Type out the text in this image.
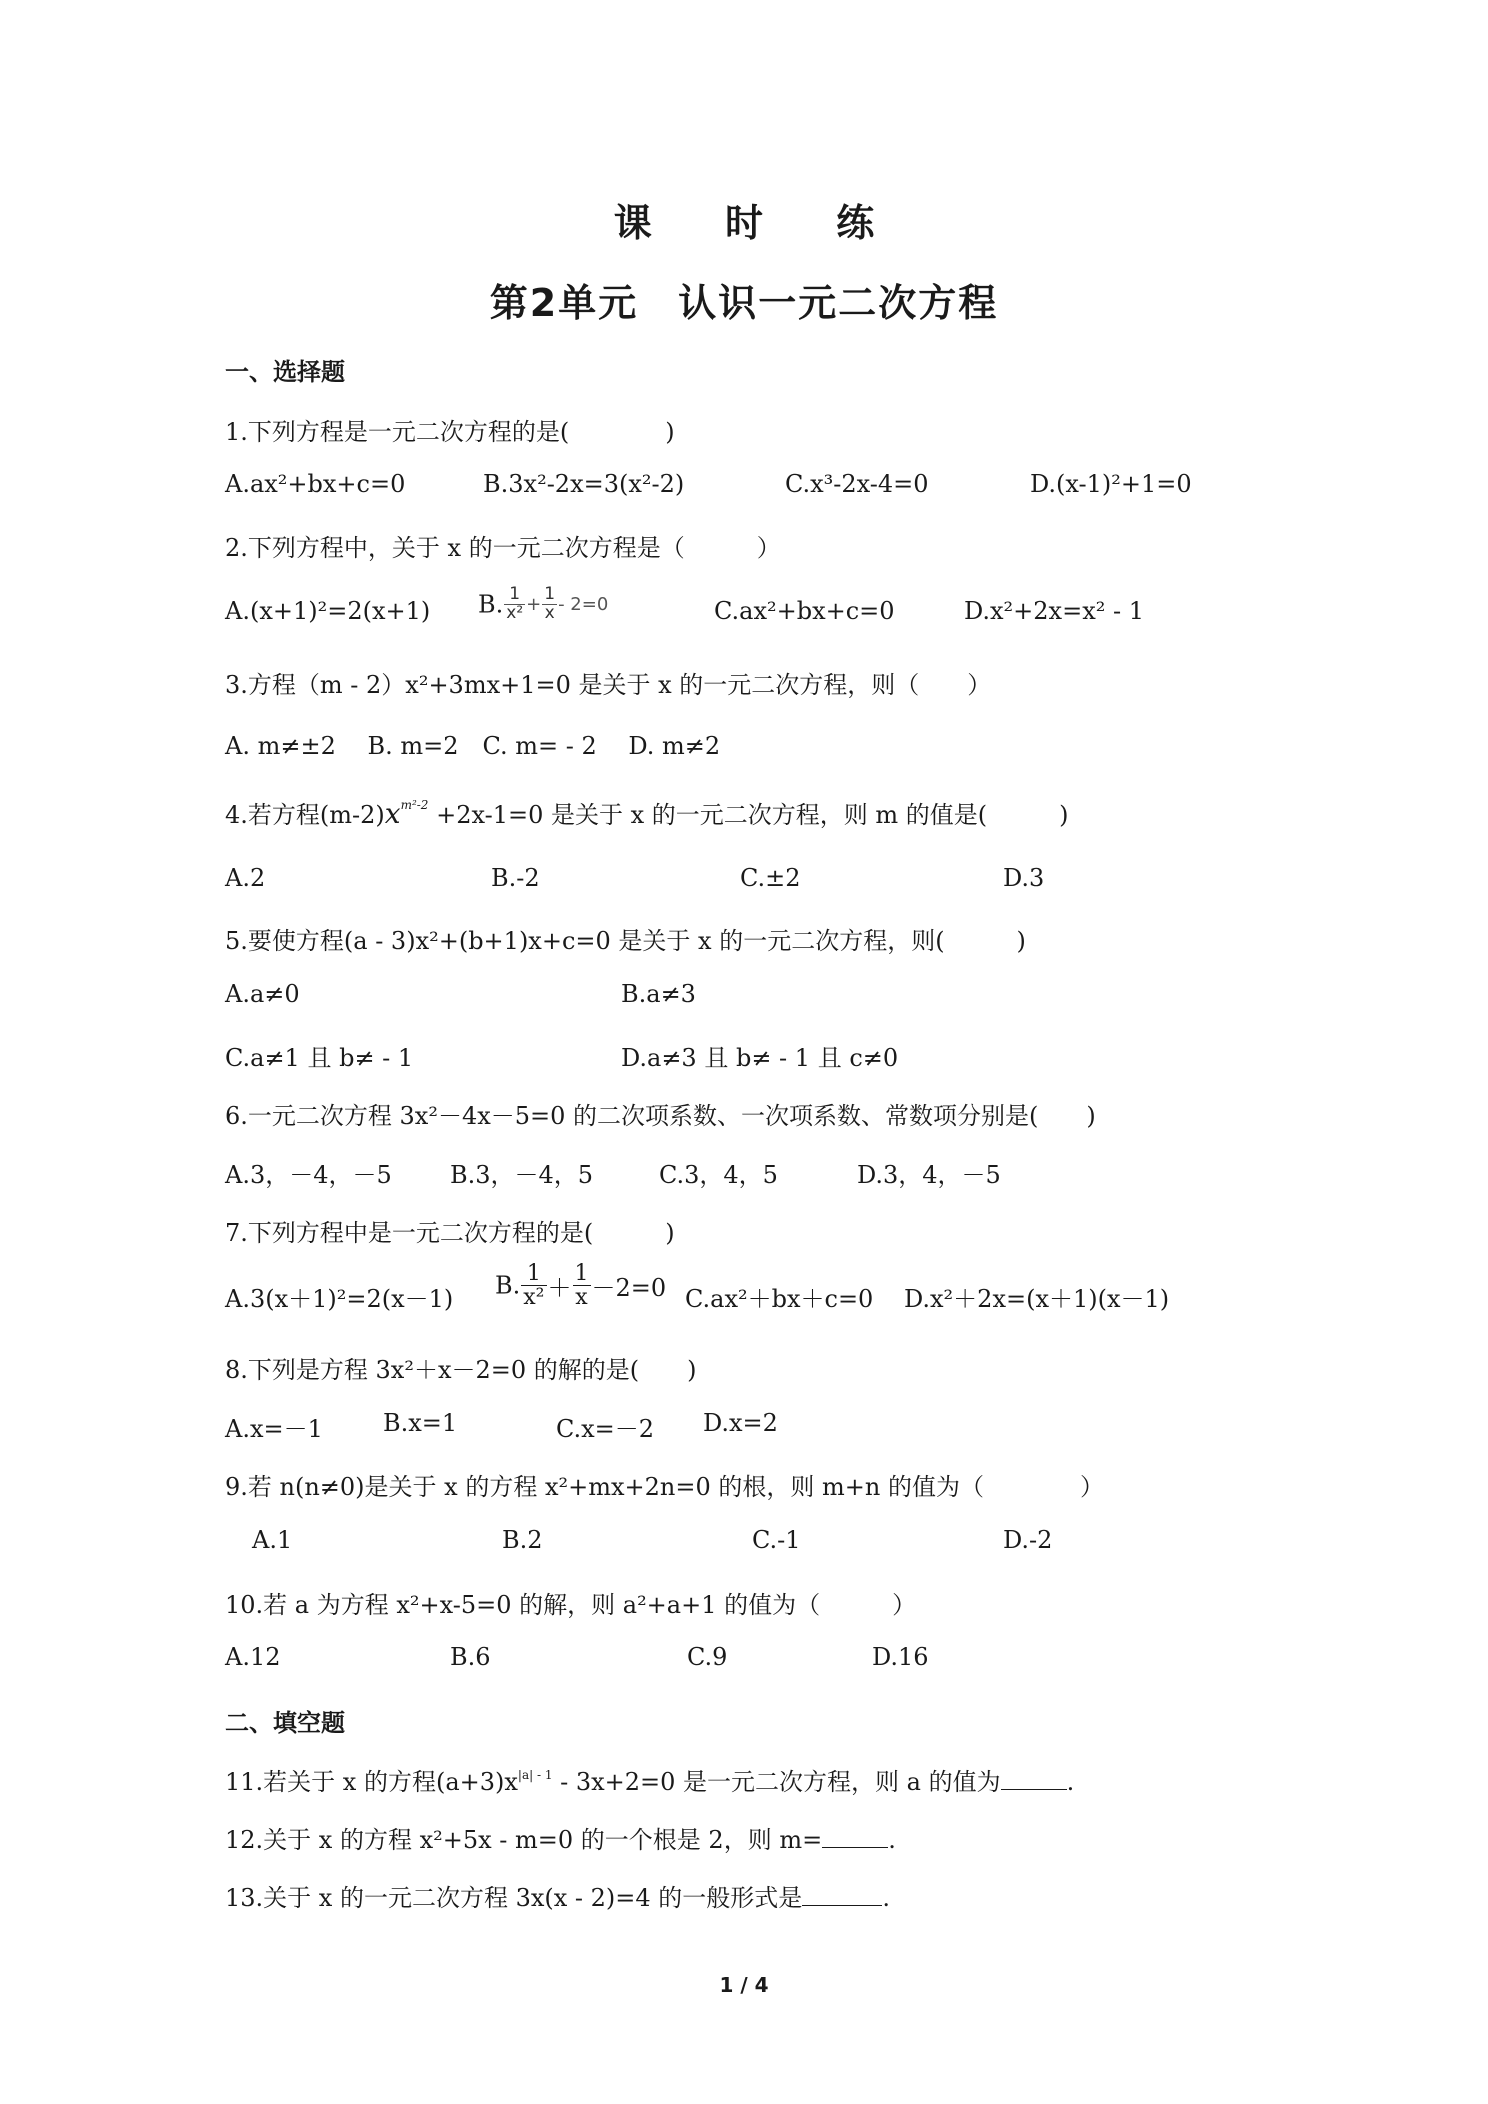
课 时 练
第2单元　认识一元二次方程
一、选择题
1.下列方程是一元二次方程的是(　　　　)
A.ax²+bx+c=0	B.3x²-2x=3(x²-2)	C.x³-2x-4=0	D.(x-1)²+1=0
2.下列方程中，关于 x 的一元二次方程是（　　　）
A.(x+1)²=2(x+1) B. $\frac{1}{\text{x²}} + \frac{1}{x} - 2=0$	C.ax²+bx+c=0	D.x²+2x=x² - 1
3.方程（m - 2）x²+3mx+1=0 是关于 x 的一元二次方程，则（　　）
A. m≠±2　 B. m=2　C. m= - 2　 D. m≠2
4.若方程$(m-2)x^{m^2-2} +2x-1=0$ 是关于 x 的一元二次方程，则 m 的值是(　　　)
A.2	B.-2	C.±2	D.3
5.要使方程(a - 3)x²+(b+1)x+c=0 是关于 x 的一元二次方程，则(　　　)
A.a≠0	B.a≠3
C.a≠1 且 b≠ - 1	D.a≠3 且 b≠ - 1 且 c≠0
6.一元二次方程 3x²－4x－5=0 的二次项系数、一次项系数、常数项分别是(　　)
A.3，－4，－5 B.3，－4，5	C.3，4，5	D.3，4，－5
7.下列方程中是一元二次方程的是(　　　)
A.3(x＋1)²=2(x－1) B. $\frac{1}{\text{x²}} + \frac{1}{x} -2=0$ C.ax²＋bx＋c=0 D.x²＋2x=(x＋1)(x－1)
8.下列是方程 3x²＋x－2=0 的解的是(　　)
A.x=－1	B.x=1	C.x=－2 D.x=2
9.若 n(n≠0)是关于 x 的方程 x²+mx+2n=0 的根，则 m+n 的值为（　　　　）
A.1	B.2	C.-1	D.-2
10.若 a 为方程 x²+x-5=0 的解，则 a²+a+1 的值为（　　　）
A.12	B.6	C.9	D.16
二、填空题
11.若关于 x 的方程$(a+3)x^{|a| - 1} - 3x+2=0$ 是一元二次方程，则 a 的值为	.
12.关于 x 的方程 x²+5x - m=0 的一个根是 2，则 m=	.
13.关于 x 的一元二次方程 3x(x - 2)=4 的一般形式是	.
1 / 4
